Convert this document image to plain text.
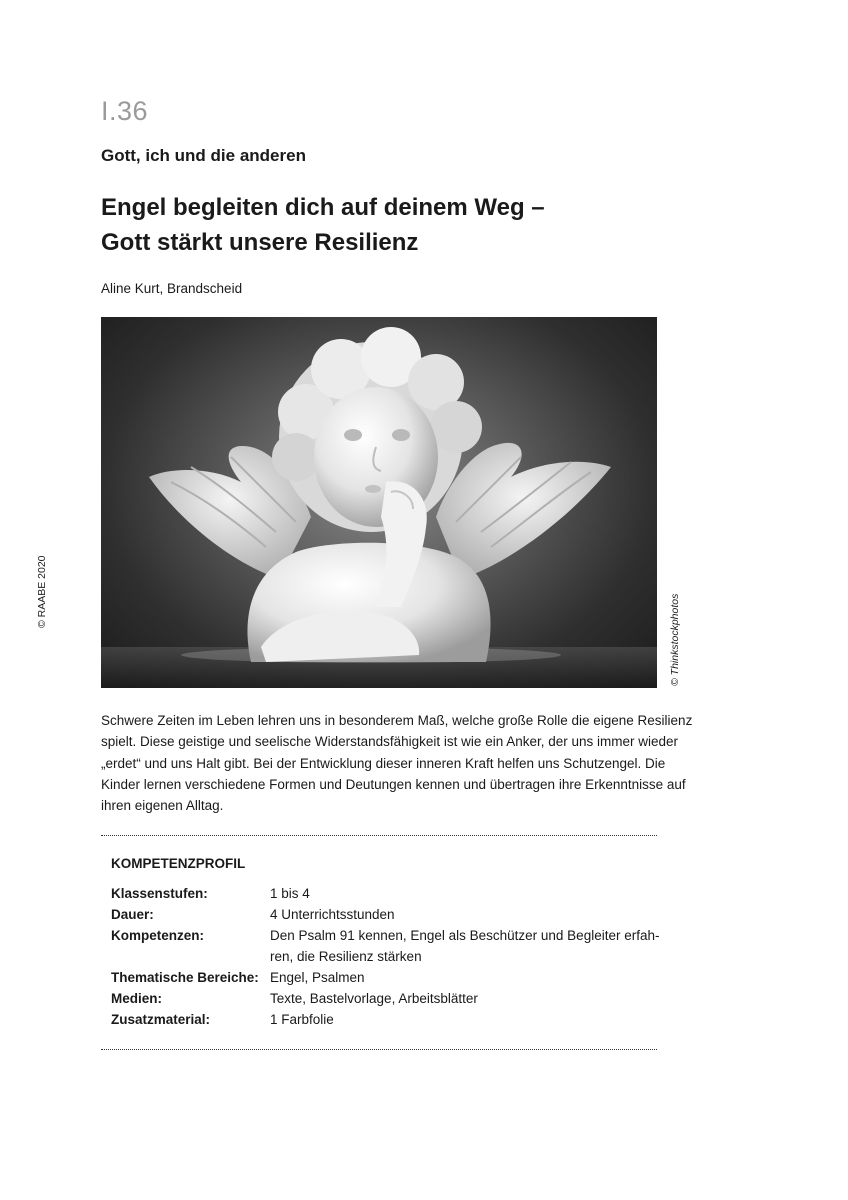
I.36
Gott, ich und die anderen
Engel begleiten dich auf deinem Weg –
Gott stärkt unsere Resilienz
Aline Kurt, Brandscheid
© Thinkstockphotos
© RAABE 2020
Schwere Zeiten im Leben lehren uns in besonderem Maß, welche große Rolle die eigene Resilienz
spielt. Diese geistige und seelische Widerstandsfähigkeit ist wie ein Anker, der uns immer wieder
„erdet“ und uns Halt gibt. Bei der Entwicklung dieser inneren Kraft helfen uns Schutzengel. Die
Kinder lernen verschiedene Formen und Deutungen kennen und übertragen ihre Erkenntnisse auf
ihren eigenen Alltag.
KOMPETENZPROFIL
Klassenstufen:	1 bis 4
Dauer:	4 Unterrichtsstunden
Kompetenzen:	Den Psalm 91 kennen, Engel als Beschützer und Begleiter erfah-
ren, die Resilienz stärken
Thematische Bereiche: Engel, Psalmen
Medien:	Texte, Bastelvorlage, Arbeitsblätter
Zusatzmaterial:	1 Farbfolie
